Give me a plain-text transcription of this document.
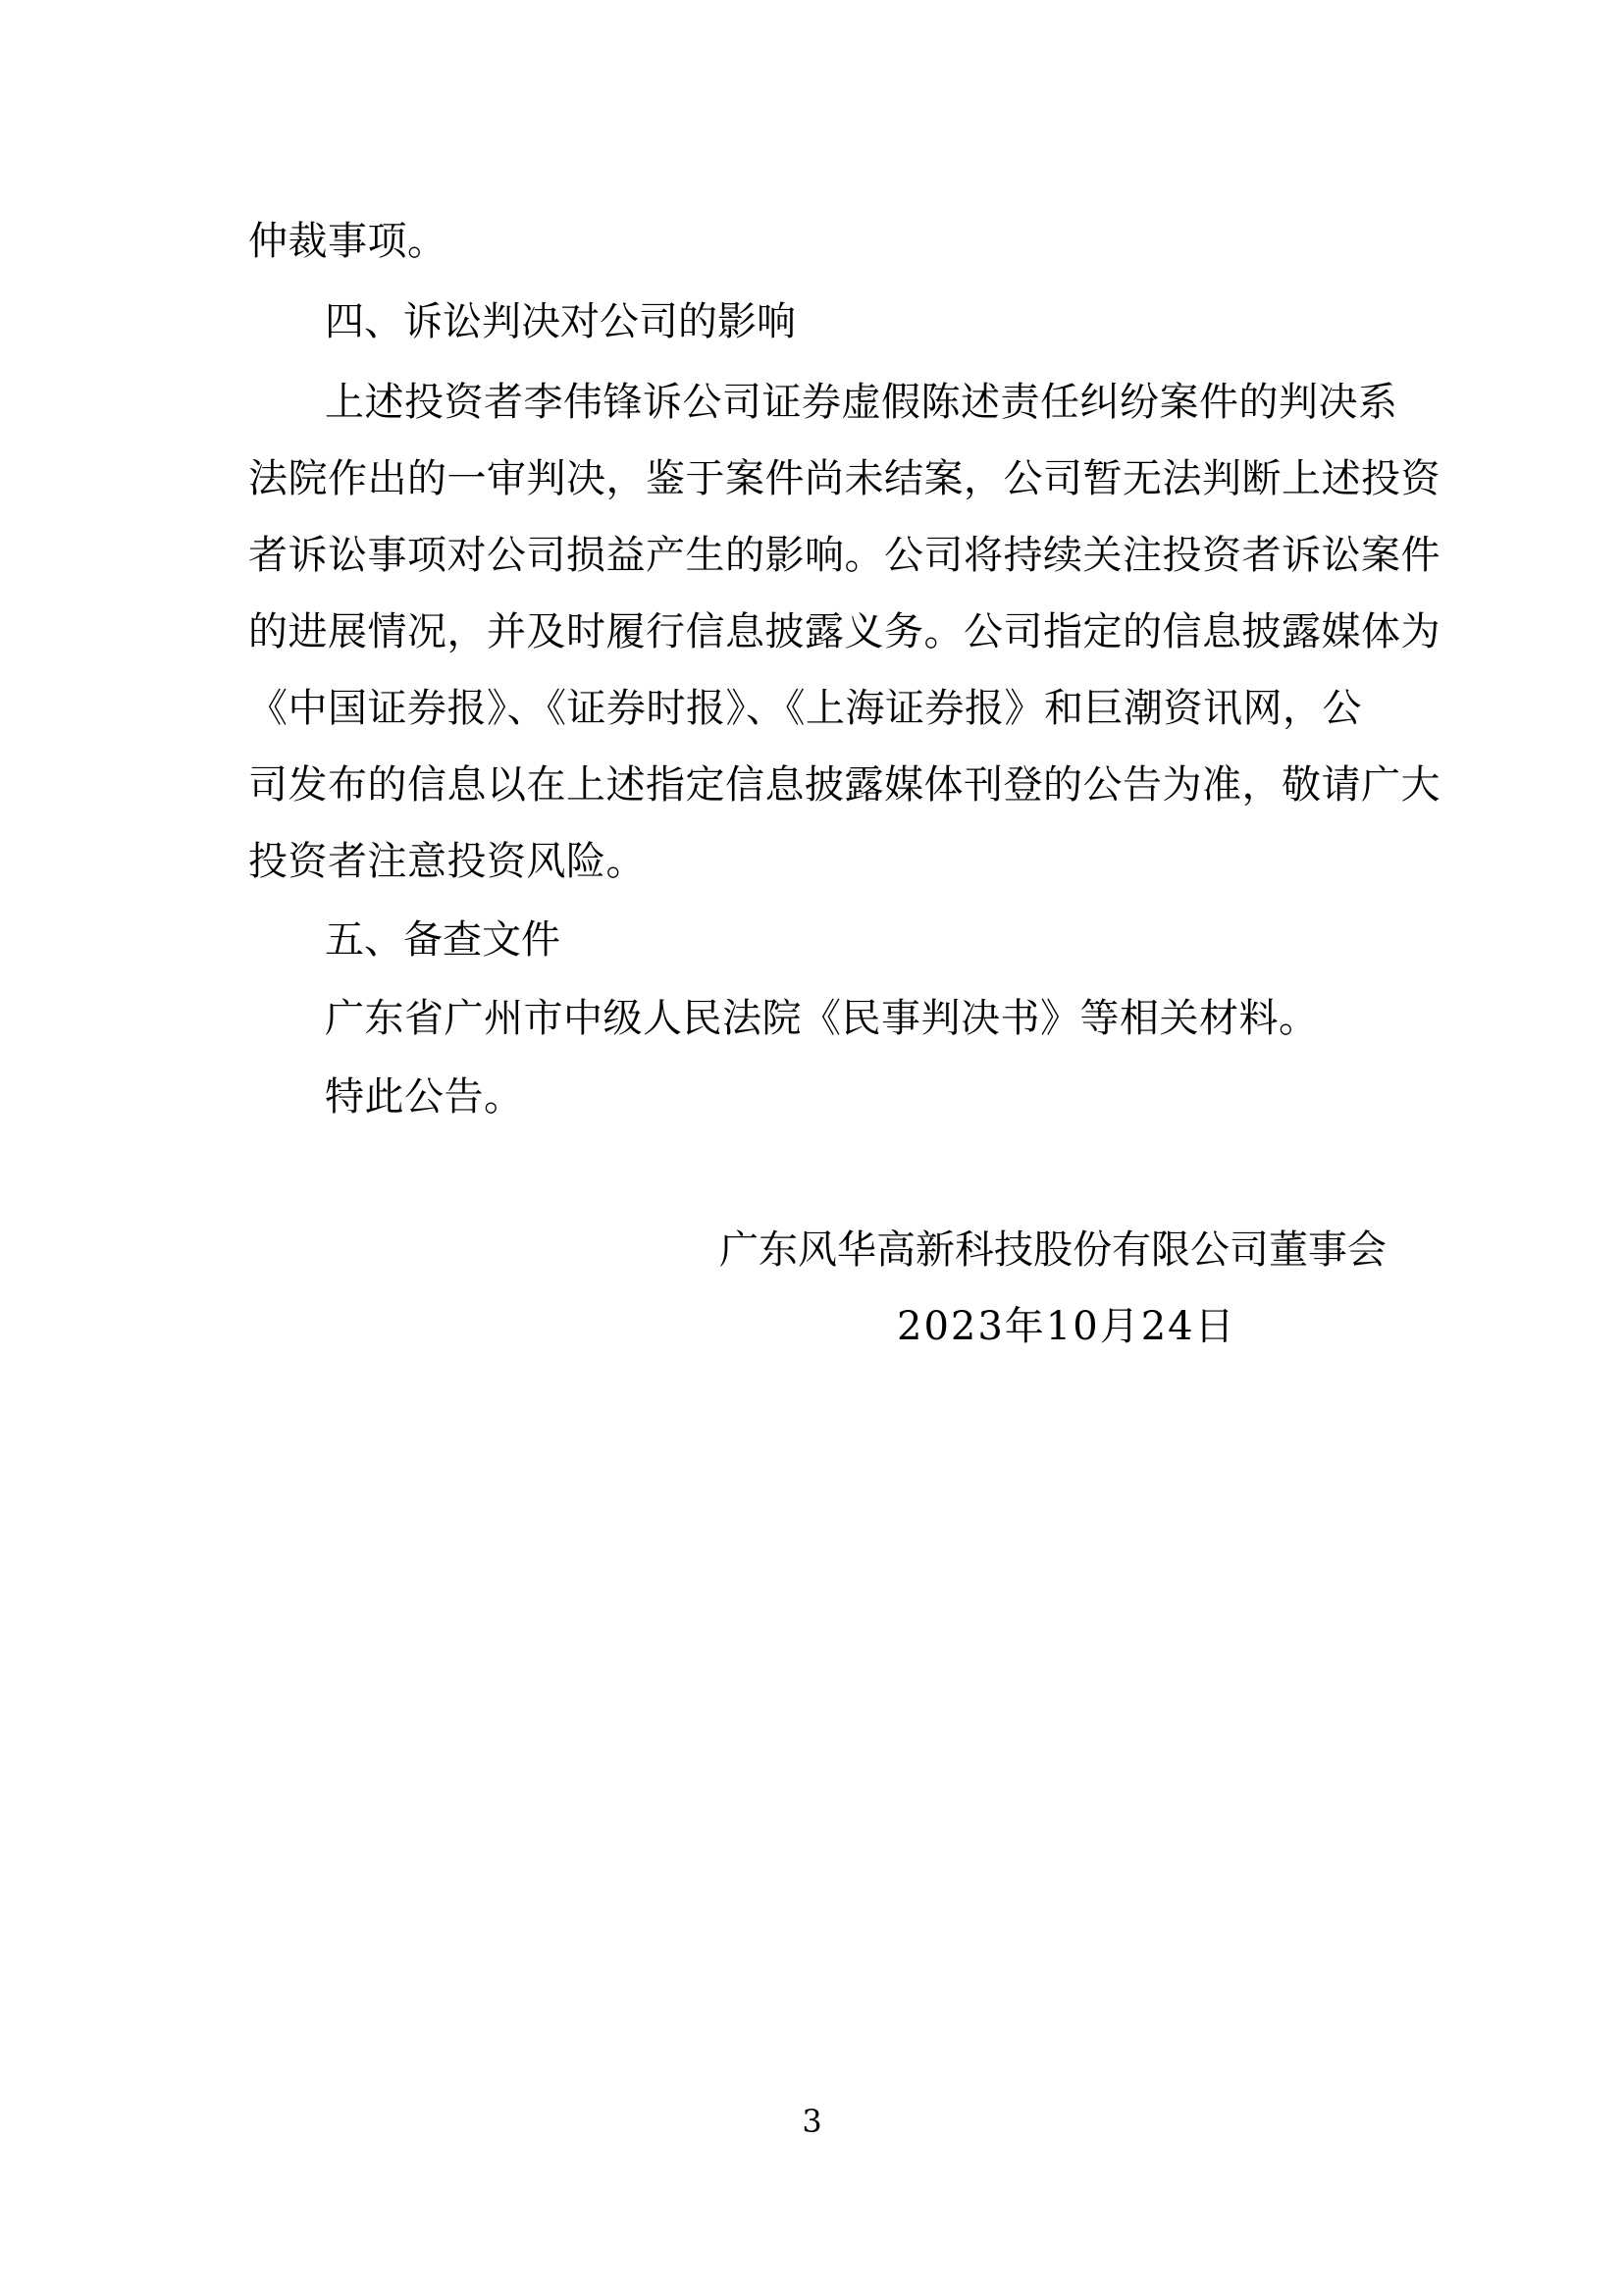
仲裁事项。
四、诉讼判决对公司的影响
上述投资者李伟锋诉公司证券虚假陈述责任纠纷案件的判决系
法院作出的一审判决，鉴于案件尚未结案，公司暂无法判断上述投资
者诉讼事项对公司损益产生的影响。公司将持续关注投资者诉讼案件
的进展情况，并及时履行信息披露义务。公司指定的信息披露媒体为
《中国证券报》、《证券时报》、《上海证券报》和巨潮资讯网，公
司发布的信息以在上述指定信息披露媒体刊登的公告为准，敬请广大
投资者注意投资风险。
五、备查文件
广东省广州市中级人民法院《民事判决书》等相关材料。
特此公告。
广东风华高新科技股份有限公司董事会
2023年10月24日
3
